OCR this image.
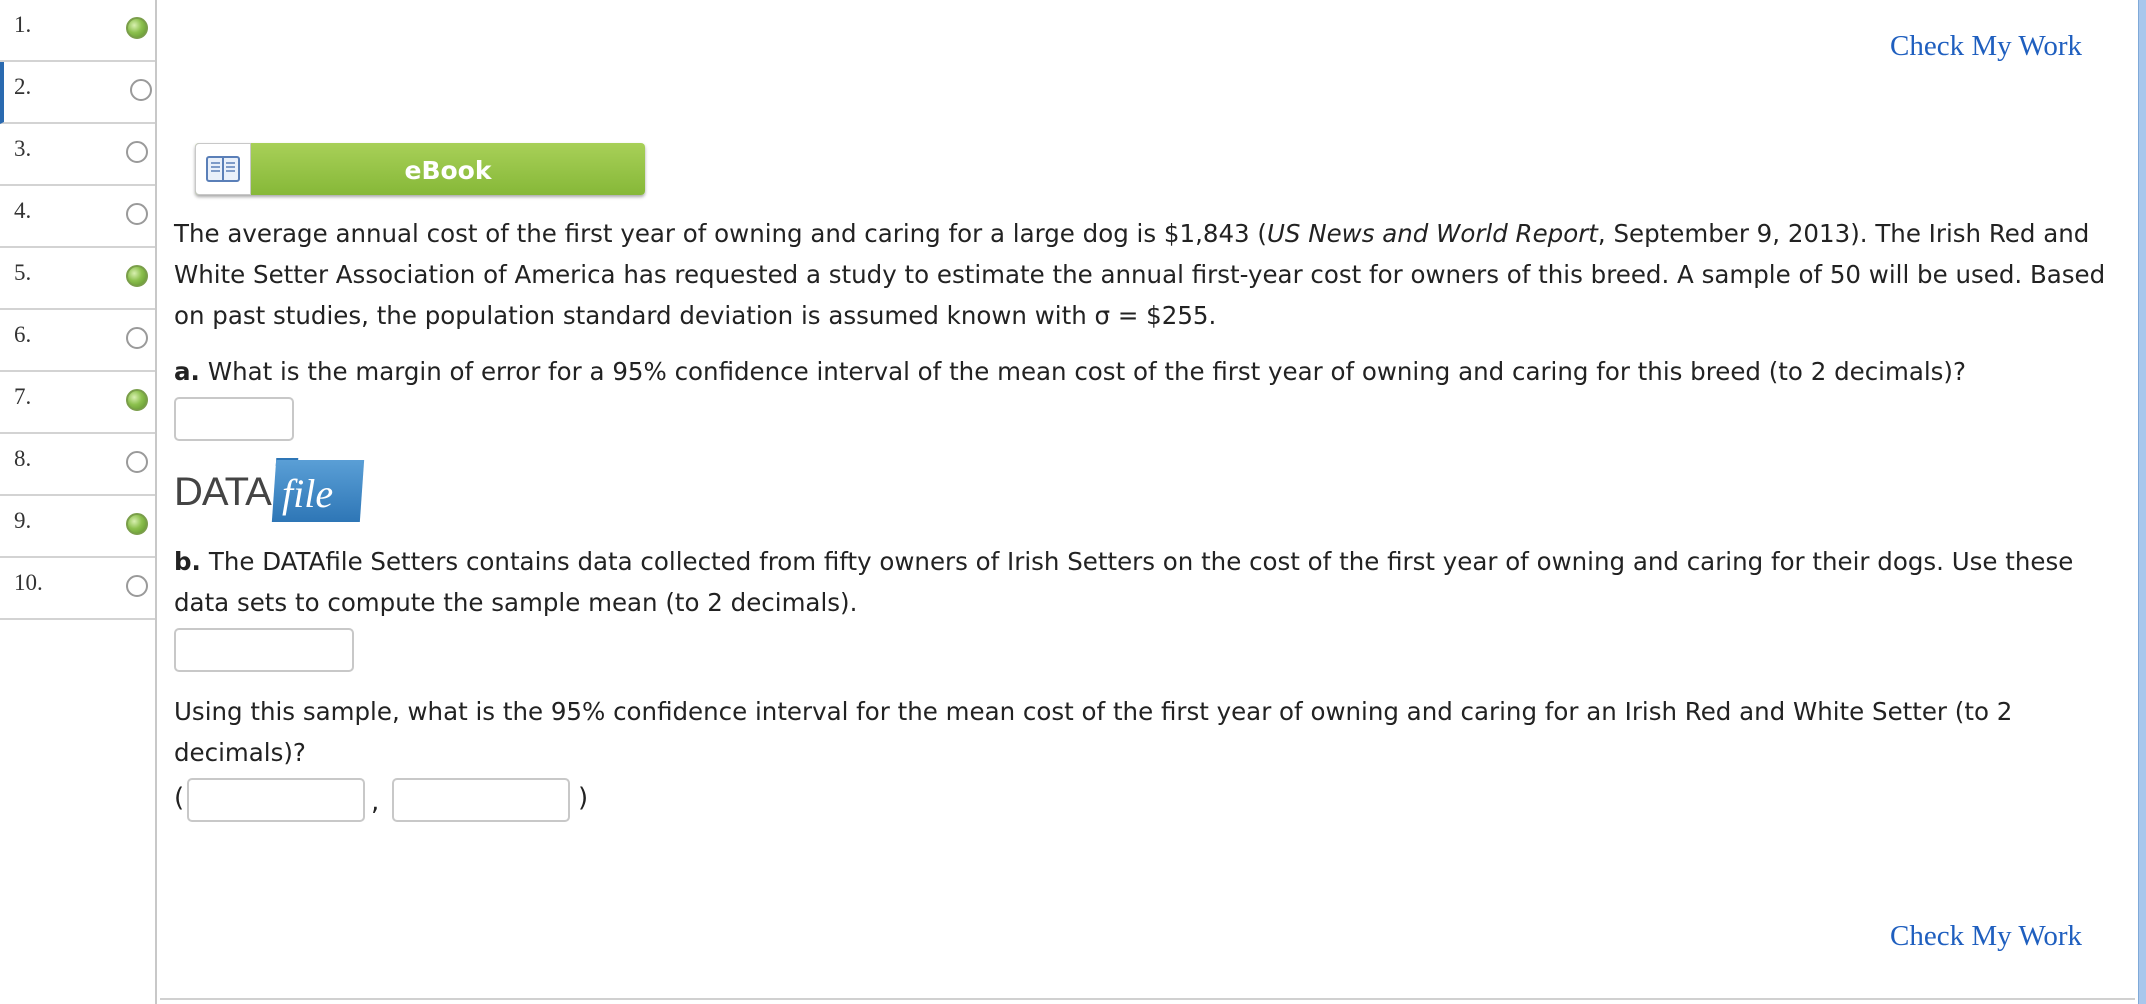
1.
2.
3.
4.
5.
6.
7.
8.
9.
10.
Check My Work
eBook

The average annual cost of the first year of owning and caring for a large dog is $1,843 (US News and World Report, September 9, 2013). The Irish Red and White Setter Association of America has requested a study to estimate the annual first-year cost for owners of this breed. A sample of 50 will be used. Based on past studies, the population standard deviation is assumed known with σ = $255.

a. What is the margin of error for a 95% confidence interval of the mean cost of the first year of owning and caring for this breed (to 2 decimals)?

DATA file

b. The DATAfile Setters contains data collected from fifty owners of Irish Setters on the cost of the first year of owning and caring for their dogs. Use these data sets to compute the sample mean (to 2 decimals).

Using this sample, what is the 95% confidence interval for the mean cost of the first year of owning and caring for an Irish Red and White Setter (to 2 decimals)?

(	,	)
Check My Work
